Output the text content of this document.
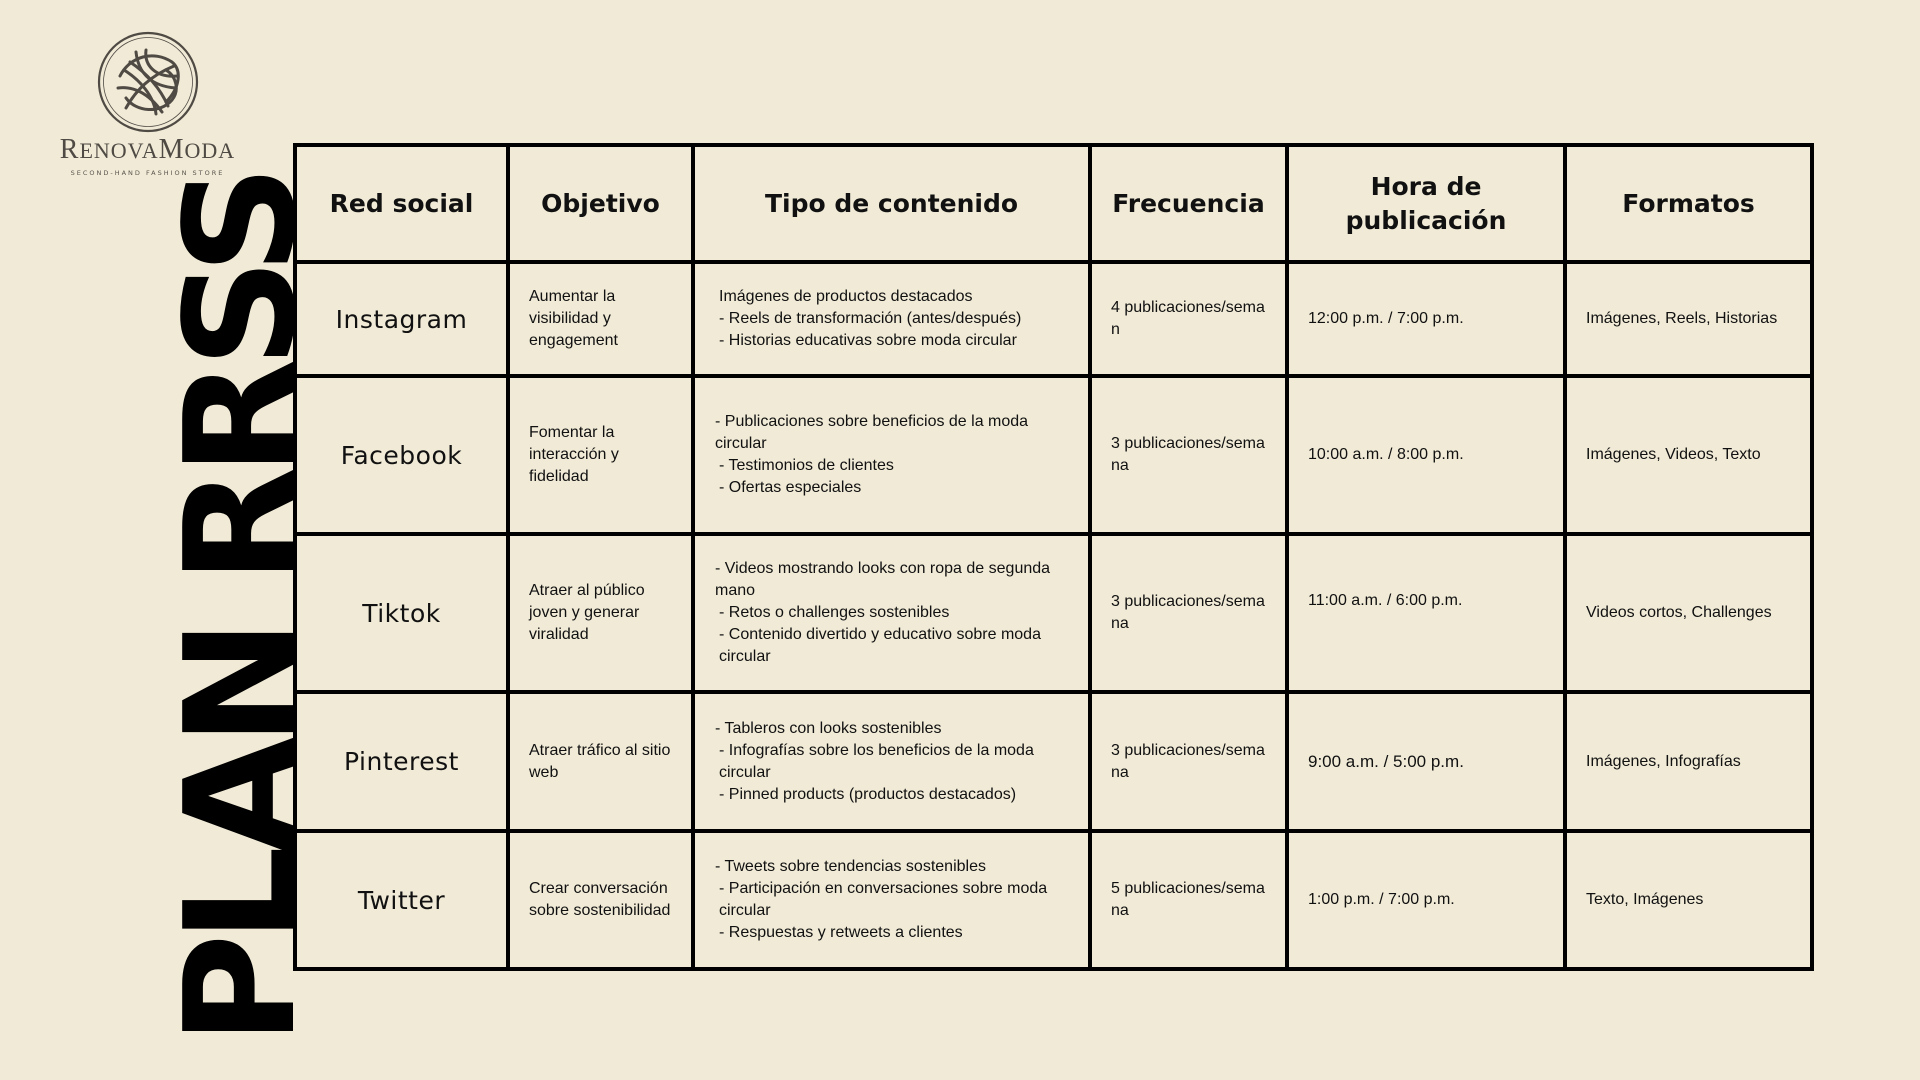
RENOVAMODA
SECOND-HAND FASHION STORE
PLAN RRSS Red social	Objetivo	Tipo de contenido	Frecuencia	Hora de publicación	Formatos
Instagram	Aumentar la visibilidad y engagement	Imágenes de productos destacados
- Reels de transformación (antes/después)
- Historias educativas sobre moda circular	4 publicaciones/seman	12:00 p.m. / 7:00 p.m.	Imágenes, Reels, Historias
Facebook	Fomentar la interacción y fidelidad	- Publicaciones sobre beneficios de la moda circular
- Testimonios de clientes
- Ofertas especiales	3 publicaciones/semana	10:00 a.m. / 8:00 p.m.	Imágenes, Videos, Texto
Tiktok	Atraer al público joven y generar viralidad	- Videos mostrando looks con ropa de segunda mano
- Retos o challenges sostenibles
- Contenido divertido y educativo sobre moda circular	3 publicaciones/semana	11:00 a.m. / 6:00 p.m.	Videos cortos, Challenges
Pinterest	Atraer tráfico al sitio web	- Tableros con looks sostenibles
- Infografías sobre los beneficios de la moda circular
- Pinned products (productos destacados)	3 publicaciones/semana	9:00 a.m. / 5:00 p.m.	Imágenes, Infografías
Twitter	Crear conversación sobre sostenibilidad	- Tweets sobre tendencias sostenibles
- Participación en conversaciones sobre moda circular
- Respuestas y retweets a clientes	5 publicaciones/semana	1:00 p.m. / 7:00 p.m.	Texto, Imágenes
